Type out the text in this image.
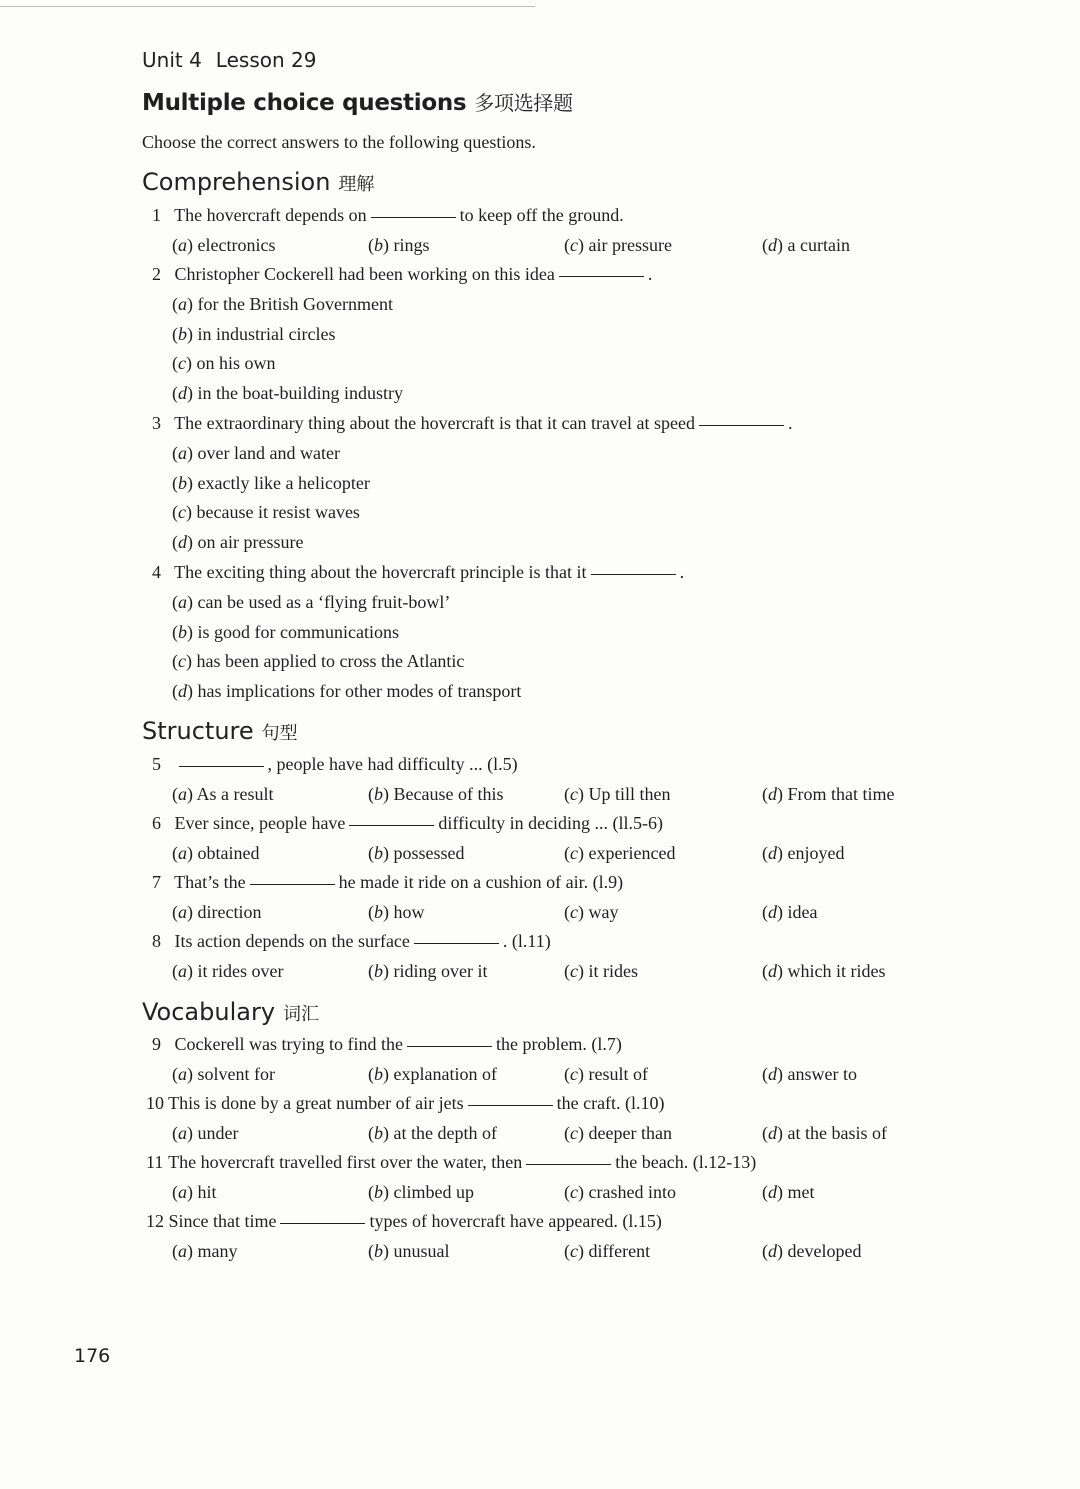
Unit 4 Lesson 29
Multiple choice questions 多项选择题
Choose the correct answers to the following questions.
Comprehension 理解
1 The hovercraft depends on	to keep off the ground.
(a) electronics	(b) rings	(c) air pressure	(d) a curtain
2 Christopher Cockerell had been working on this idea	.
(a) for the British Government
(b) in industrial circles
(c) on his own
(d) in the boat-building industry
3 The extraordinary thing about the hovercraft is that it can travel at speed	.
(a) over land and water
(b) exactly like a helicopter
(c) because it resist waves
(d) on air pressure
4 The exciting thing about the hovercraft principle is that it	.
(a) can be used as a ‘flying fruit-bowl’
(b) is good for communications
(c) has been applied to cross the Atlantic
(d) has implications for other modes of transport
Structure 句型
5	, people have had difficulty ... (l.5)
(a) As a result	(b) Because of this	(c) Up till then	(d) From that time
6 Ever since, people have	difficulty in deciding ... (ll.5-6)
(a) obtained	(b) possessed	(c) experienced	(d) enjoyed
7 That’s the	he made it ride on a cushion of air. (l.9)
(a) direction	(b) how	(c) way	(d) idea
8 Its action depends on the surface	. (l.11)
(a) it rides over	(b) riding over it	(c) it rides	(d) which it rides
Vocabulary 词汇
9 Cockerell was trying to find the	the problem. (l.7)
(a) solvent for	(b) explanation of	(c) result of	(d) answer to
10 This is done by a great number of air jets	the craft. (l.10)
(a) under	(b) at the depth of	(c) deeper than	(d) at the basis of
11 The hovercraft travelled first over the water, then	the beach. (l.12-13)
(a) hit	(b) climbed up	(c) crashed into	(d) met
12 Since that time	types of hovercraft have appeared. (l.15)
(a) many	(b) unusual	(c) different	(d) developed
176
